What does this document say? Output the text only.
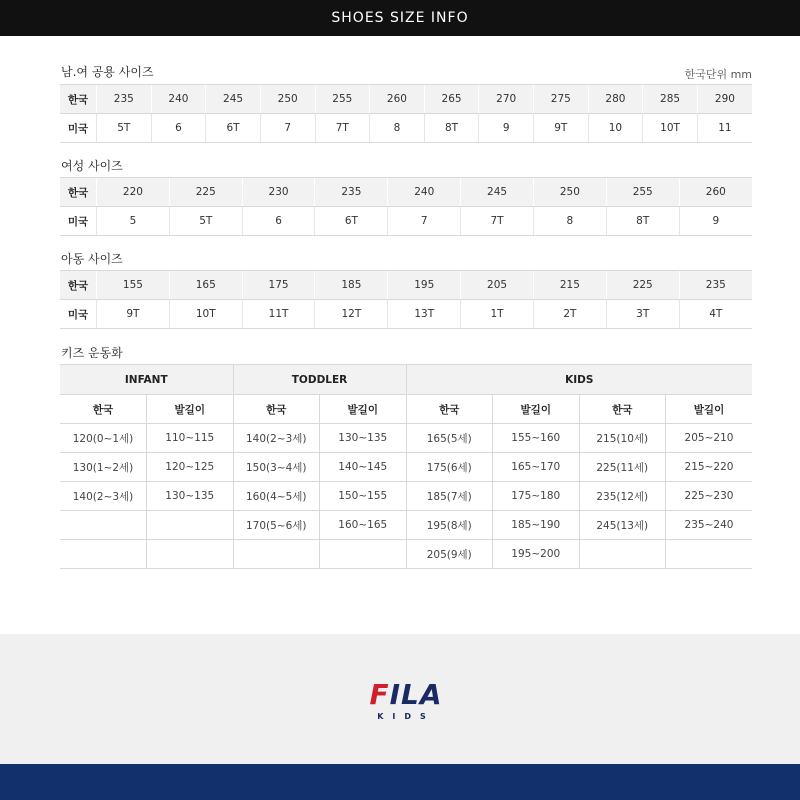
SHOES SIZE INFO
남.여 공용 사이즈	한국단위 mm
한국	235	240	245	250	255	260	265	270	275	280	285	290
미국	5T	6	6T	7	7T	8	8T	9	9T	10	10T	11
여성 사이즈
한국	220	225	230	235	240	245	250	255	260
미국	5	5T	6	6T	7	7T	8	8T	9
아동 사이즈
한국	155	165	175	185	195	205	215	225	235
미국	9T	10T	11T	12T	13T	1T	2T	3T	4T
키즈 운동화
INFANT		TODDLER		KIDS			
한국	발길이	한국	발길이	한국	발길이	한국	발길이
120(0~1세)	110~115	140(2~3세)	130~135	165(5세)	155~160	215(10세)	205~210
130(1~2세)	120~125	150(3~4세)	140~145	175(6세)	165~170	225(11세)	215~220
140(2~3세)	130~135	160(4~5세)	150~155	185(7세)	175~180	235(12세)	225~230
		170(5~6세)	160~165	195(8세)	185~190	245(13세)	235~240
				205(9세)	195~200		
FILA
KIDS
